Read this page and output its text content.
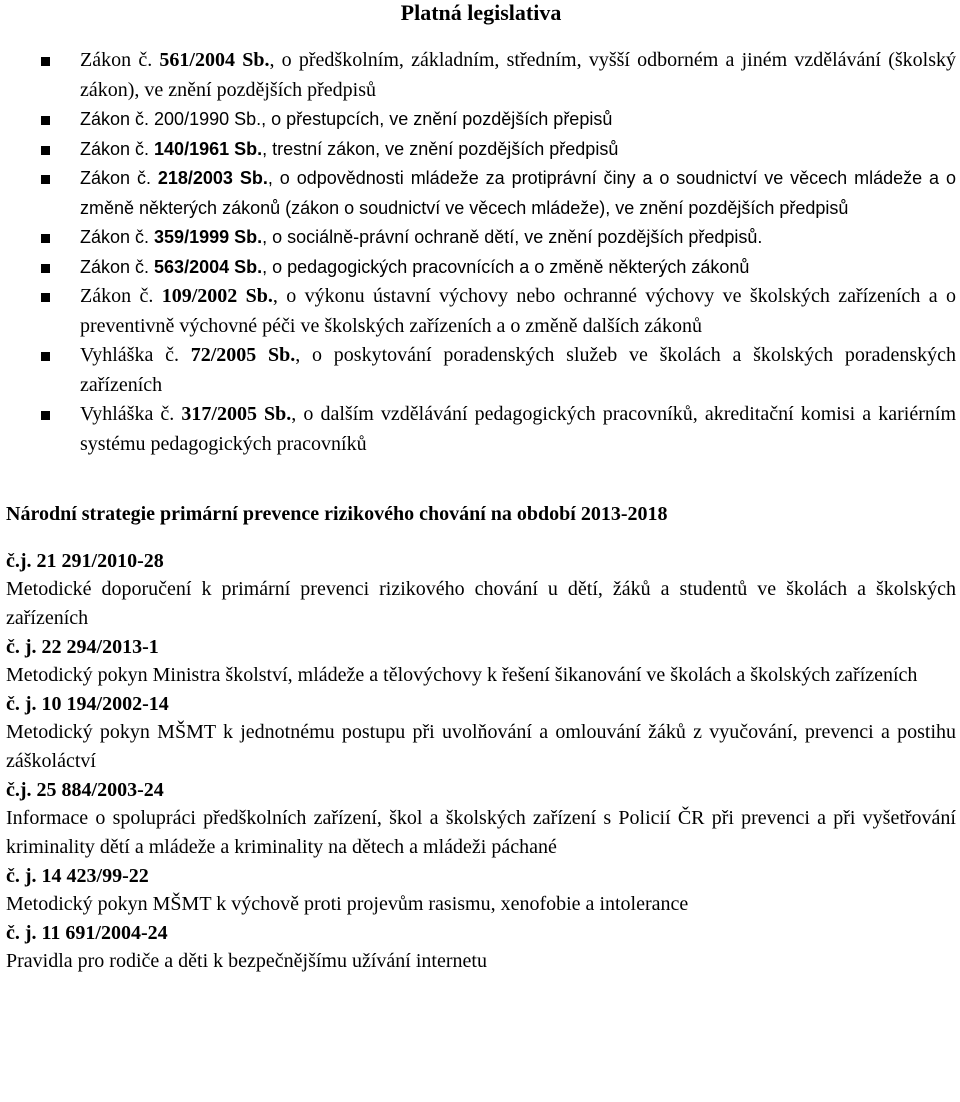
Platná legislativa
Zákon č. 561/2004 Sb., o předškolním, základním, středním, vyšší odborném a jiném vzdělávání (školský zákon), ve znění pozdějších předpisů
Zákon č. 200/1990 Sb., o přestupcích, ve znění pozdějších přepisů
Zákon č. 140/1961 Sb., trestní zákon, ve znění pozdějších předpisů
Zákon č. 218/2003 Sb., o odpovědnosti mládeže za protiprávní činy a o soudnictví ve věcech mládeže a o změně některých zákonů (zákon o soudnictví ve věcech mládeže), ve znění pozdějších předpisů
Zákon č. 359/1999 Sb., o sociálně-právní ochraně dětí, ve znění pozdějších předpisů.
Zákon č. 563/2004 Sb., o pedagogických pracovnících a o změně některých zákonů
Zákon č. 109/2002 Sb., o výkonu ústavní výchovy nebo ochranné výchovy ve školských zařízeních a o preventivně výchovné péči ve školských zařízeních a o změně dalších zákonů
Vyhláška č. 72/2005 Sb., o poskytování poradenských služeb ve školách a školských poradenských zařízeních
Vyhláška č. 317/2005 Sb., o dalším vzdělávání pedagogických pracovníků, akreditační komisi a kariérním systému pedagogických pracovníků
Národní strategie primární prevence rizikového chování na období 2013-2018
č.j. 21 291/2010-28
Metodické doporučení k primární prevenci rizikového chování u dětí, žáků a studentů ve školách a školských zařízeních
č. j. 22 294/2013-1
Metodický pokyn Ministra školství, mládeže a tělovýchovy k řešení šikanování ve školách a školských zařízeních
č. j. 10 194/2002-14
Metodický pokyn MŠMT k jednotnému postupu při uvolňování a omlouvání žáků z vyučování, prevenci a postihu záškoláctví
č.j. 25 884/2003-24
Informace o spolupráci předškolních zařízení, škol a školských zařízení s Policií ČR při prevenci a při vyšetřování kriminality dětí a mládeže a kriminality na dětech a mládeži páchané
č. j. 14 423/99-22
Metodický pokyn MŠMT k výchově proti projevům rasismu, xenofobie a intolerance
č. j. 11 691/2004-24
Pravidla pro rodiče a děti k bezpečnějšímu užívání internetu
